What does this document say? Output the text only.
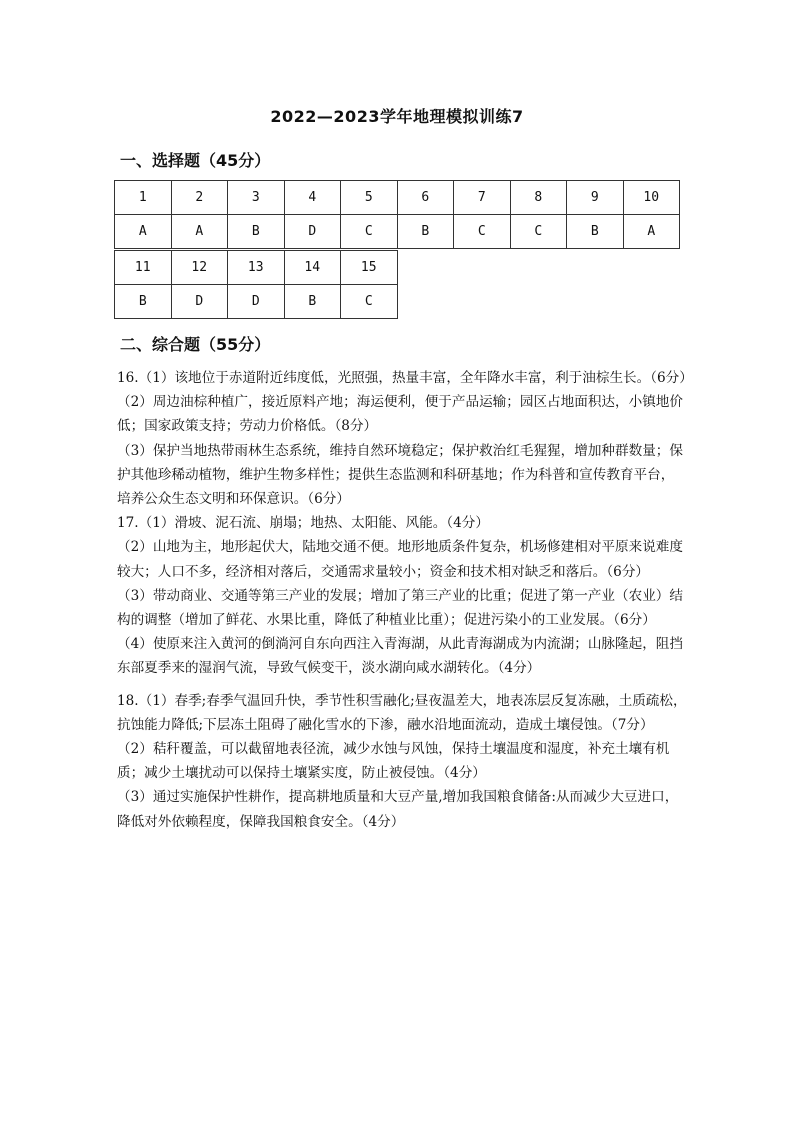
2022—2023学年地理模拟训练7
一、选择题（45分）
1	2	3	4	5	6	7	8	9	10
A	A	B	D	C	B	C	C	B	A
11	12	13	14	15
B	D	D	B	C
二、综合题（55分）

16.（1）该地位于赤道附近纬度低，光照强，热量丰富，全年降水丰富，利于油棕生长。（6分）

（2）周边油棕种植广，接近原料产地；海运便利，便于产品运输；园区占地面积达，小镇地价低；国家政策支持；劳动力价格低。（8分）

（3）保护当地热带雨林生态系统，维持自然环境稳定；保护救治红毛猩猩，增加种群数量；保护其他珍稀动植物，维护生物多样性；提供生态监测和科研基地；作为科普和宣传教育平台，培养公众生态文明和环保意识。（6分）

17.（1）滑坡、泥石流、崩塌；地热、太阳能、风能。（4分）

（2）山地为主，地形起伏大，陆地交通不便。地形地质条件复杂，机场修建相对平原来说难度较大；人口不多，经济相对落后，交通需求量较小；资金和技术相对缺乏和落后。（6分）

（3）带动商业、交通等第三产业的发展；增加了第三产业的比重；促进了第一产业（农业）结构的调整（增加了鲜花、水果比重，降低了种植业比重）；促进污染小的工业发展。（6分）

（4）使原来注入黄河的倒淌河自东向西注入青海湖，从此青海湖成为内流湖；山脉隆起，阻挡东部夏季来的湿润气流，导致气候变干，淡水湖向咸水湖转化。（4分）

18.（1）春季;春季气温回升快，季节性积雪融化;昼夜温差大，地表冻层反复冻融，土质疏松，抗蚀能力降低;下层冻土阻碍了融化雪水的下渗，融水沿地面流动，造成土壤侵蚀。（7分）

（2）秸秆覆盖，可以截留地表径流，减少水蚀与风蚀，保持土壤温度和湿度，补充土壤有机质；减少土壤扰动可以保持土壤紧实度，防止被侵蚀。（4分）

（3）通过实施保护性耕作，提高耕地质量和大豆产量,增加我国粮食储备:从而减少大豆进口，降低对外依赖程度，保障我国粮食安全。（4分）
